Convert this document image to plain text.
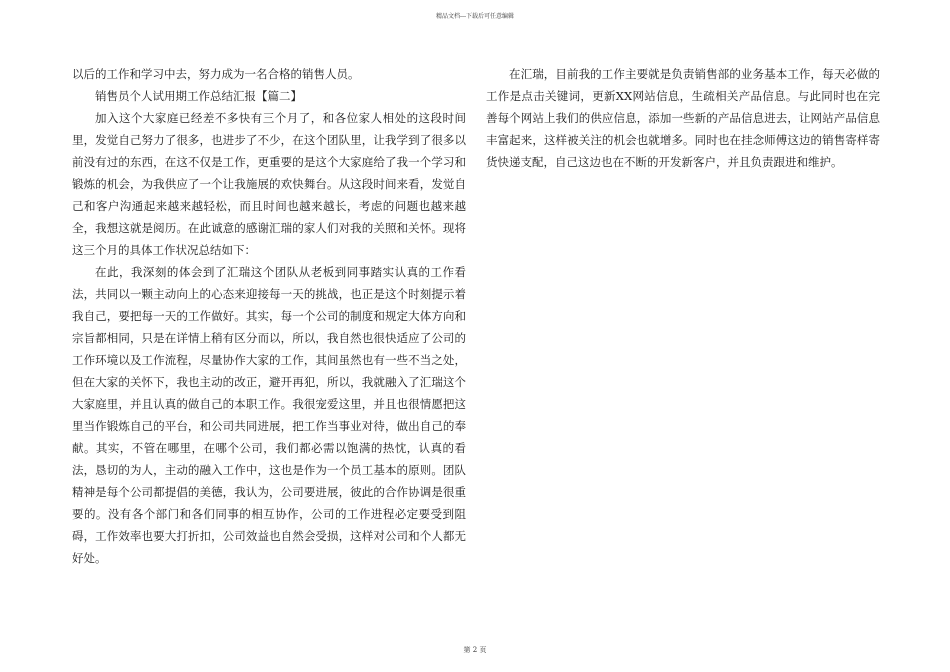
精品文档---下载后可任意编辑

以后的工作和学习中去，努力成为一名合格的销售人员。

销售员个人试用期工作总结汇报【篇二】

加入这个大家庭已经差不多快有三个月了，和各位家人相处的这段时间里，发觉自己努力了很多，也进步了不少，在这个团队里，让我学到了很多以前没有过的东西，在这不仅是工作，更重要的是这个大家庭给了我一个学习和锻炼的机会，为我供应了一个让我施展的欢快舞台。从这段时间来看，发觉自己和客户沟通起来越来越轻松，而且时间也越来越长，考虑的问题也越来越全，我想这就是阅历。在此诚意的感谢汇瑞的家人们对我的关照和关怀。现将这三个月的具体工作状况总结如下：

在此，我深刻的体会到了汇瑞这个团队从老板到同事踏实认真的工作看法，共同以一颗主动向上的心态来迎接每一天的挑战，也正是这个时刻提示着我自己，要把每一天的工作做好。其实，每一个公司的制度和规定大体方向和宗旨都相同，只是在详情上稍有区分而以，所以，我自然也很快适应了公司的工作环境以及工作流程，尽量协作大家的工作，其间虽然也有一些不当之处，但在大家的关怀下，我也主动的改正，避开再犯，所以，我就融入了汇瑞这个大家庭里，并且认真的做自己的本职工作。我很宠爱这里，并且也很情愿把这里当作锻炼自己的平台，和公司共同进展，把工作当事业对待，做出自己的奉献。其实，不管在哪里，在哪个公司，我们都必需以饱满的热忱，认真的看法，恳切的为人，主动的融入工作中，这也是作为一个员工基本的原则。团队精神是每个公司都提倡的美德，我认为，公司要进展，彼此的合作协调是很重要的。没有各个部门和各们同事的相互协作，公司的工作进程必定要受到阻碍，工作效率也要大打折扣，公司效益也自然会受损，这样对公司和个人都无好处。

在汇瑞，目前我的工作主要就是负责销售部的业务基本工作，每天必做的工作是点击关键词，更新XX网站信息，生疏相关产品信息。与此同时也在完善每个网站上我们的供应信息，添加一些新的产品信息进去，让网站产品信息丰富起来，这样被关注的机会也就增多。同时也在挂念师傅这边的销售寄样寄货快递支配，自己这边也在不断的开发新客户，并且负责跟进和维护。

第 2 页
